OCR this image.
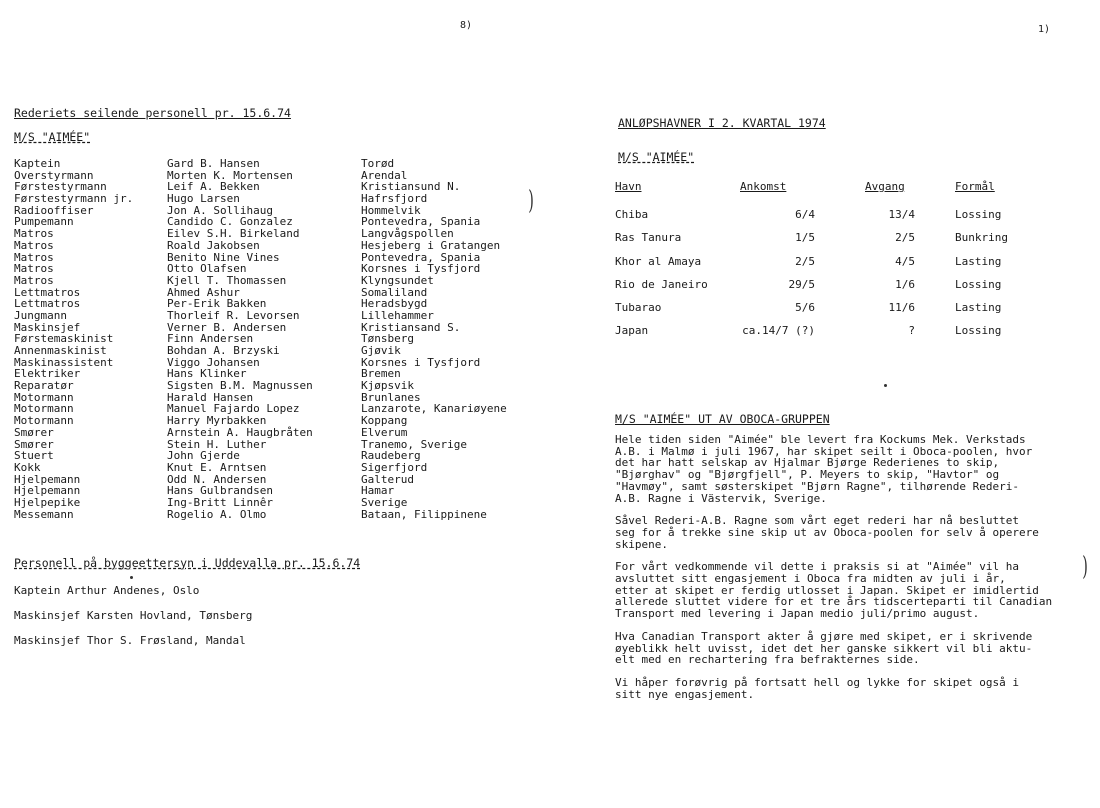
8)
Rederiets seilende personell pr. 15.6.74
M/S "AIMÉE"
Kaptein	Gard B. Hansen	Torød
Overstyrmann	Morten K. Mortensen	Arendal
Førstestyrmann	Leif A. Bekken	Kristiansund N.
Førstestyrmann jr.	Hugo Larsen	Hafrsfjord
Radiooffiser	Jon A. Sollihaug	Hommelvik
Pumpemann	Candido C. Gonzalez	Pontevedra, Spania
Matros	Eilev S.H. Birkeland	Langvågspollen
Matros	Roald Jakobsen	Hesjeberg i Gratangen
Matros	Benito Nine Vines	Pontevedra, Spania
Matros	Otto Olafsen	Korsnes i Tysfjord
Matros	Kjell T. Thomassen	Klyngsundet
Lettmatros	Ahmed Ashur	Somaliland
Lettmatros	Per-Erik Bakken	Heradsbygd
Jungmann	Thorleif R. Levorsen	Lillehammer
Maskinsjef	Verner B. Andersen	Kristiansand S.
Førstemaskinist	Finn Andersen	Tønsberg
Annenmaskinist	Bohdan A. Brzyski	Gjøvik
Maskinassistent	Viggo Johansen	Korsnes i Tysfjord
Elektriker	Hans Klinker	Bremen
Reparatør	Sigsten B.M. Magnussen	Kjøpsvik
Motormann	Harald Hansen	Brunlanes
Motormann	Manuel Fajardo Lopez	Lanzarote, Kanariøyene
Motormann	Harry Myrbakken	Koppang
Smører	Arnstein A. Haugbråten	Elverum
Smører	Stein H. Luther	Tranemo, Sverige
Stuert	John Gjerde	Raudeberg
Kokk	Knut E. Arntsen	Sigerfjord
Hjelpemann	Odd N. Andersen	Galterud
Hjelpemann	Hans Gulbrandsen	Hamar
Hjelpepike	Ing-Britt Linnêr	Sverige
Messemann	Rogelio A. Olmo	Bataan, Filippinene
)
Personell på byggeettersyn i Uddevalla pr. 15.6.74
Kaptein Arthur Andenes, Oslo
Maskinsjef Karsten Hovland, Tønsberg
Maskinsjef Thor S. Frøsland, Mandal
1)
ANLØPSHAVNER I 2. KVARTAL 1974
M/S "AIMÉE"
Havn	Ankomst	Avgang	Formål
Chiba	6/4	13/4	Lossing
Ras Tanura	1/5	2/5	Bunkring
Khor al Amaya	2/5	4/5	Lasting
Rio de Janeiro	29/5	1/6	Lossing
Tubarao	5/6	11/6	Lasting
Japan	ca.14/7 (?)	?	Lossing
)
M/S "AIMÉE" UT AV OBOCA-GRUPPEN

Hele tiden siden "Aimée" ble levert fra Kockums Mek. Verkstads
A.B. i Malmø i juli 1967, har skipet seilt i Oboca-poolen, hvor
det har hatt selskap av Hjalmar Bjørge Rederienes to skip,
"Bjørghav" og "Bjørgfjell", P. Meyers to skip, "Havtor" og
"Havmøy", samt søsterskipet "Bjørn Ragne", tilhørende Rederi-
A.B. Ragne i Västervik, Sverige.

Såvel Rederi-A.B. Ragne som vårt eget rederi har nå besluttet
seg for å trekke sine skip ut av Oboca-poolen for selv å operere
skipene.

For vårt vedkommende vil dette i praksis si at "Aimée" vil ha
avsluttet sitt engasjement i Oboca fra midten av juli i år,
etter at skipet er ferdig utlosset i Japan. Skipet er imidlertid
allerede sluttet videre for et tre års tidscerteparti til Canadian
Transport med levering i Japan medio juli/primo august.

Hva Canadian Transport akter å gjøre med skipet, er i skrivende
øyeblikk helt uvisst, idet det her ganske sikkert vil bli aktu-
elt med en rechartering fra befrakternes side.

Vi håper forøvrig på fortsatt hell og lykke for skipet også i
sitt nye engasjement.
